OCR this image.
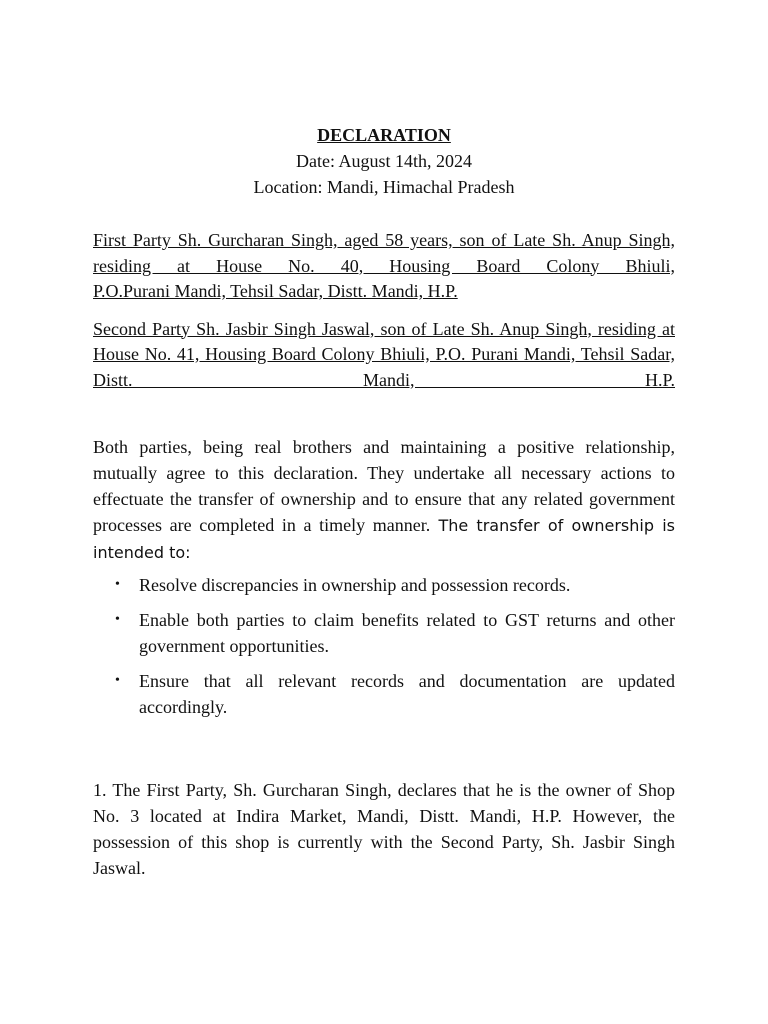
DECLARATION
Date: August 14th, 2024
Location: Mandi, Himachal Pradesh
First Party Sh. Gurcharan Singh, aged 58 years, son of Late Sh. Anup Singh, residing at House No. 40, Housing Board Colony Bhiuli,
P.O.Purani Mandi, Tehsil Sadar, Distt. Mandi, H.P.
Second Party Sh. Jasbir Singh Jaswal, son of Late Sh. Anup Singh, residing at House No. 41, Housing Board Colony Bhiuli, P.O. Purani Mandi, Tehsil Sadar, Distt. Mandi, H.P.

Both parties, being real brothers and maintaining a positive relationship, mutually agree to this declaration. They undertake all necessary actions to effectuate the transfer of ownership and to ensure that any related government processes are completed in a timely manner. The transfer of ownership is intended to:

• Resolve discrepancies in ownership and possession records.
• Enable both parties to claim benefits related to GST returns and other government opportunities.
• Ensure that all relevant records and documentation are updated accordingly.

1. The First Party, Sh. Gurcharan Singh, declares that he is the owner of Shop No. 3 located at Indira Market, Mandi, Distt. Mandi, H.P. However, the possession of this shop is currently with the Second Party, Sh. Jasbir Singh Jaswal.
